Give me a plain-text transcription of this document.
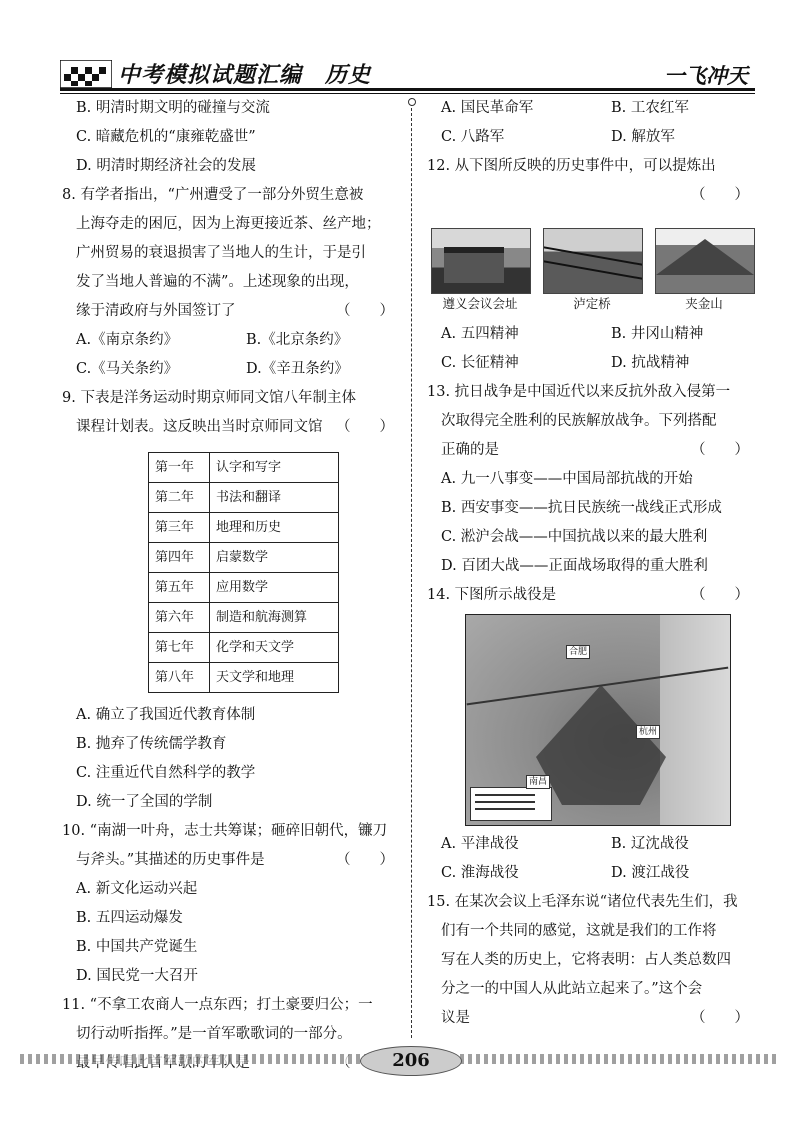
中考模拟试题汇编　历史	一飞冲天
B. 明清时期文明的碰撞与交流
C. 暗藏危机的“康雍乾盛世”
D. 明清时期经济社会的发展
8. 有学者指出，“广州遭受了一部分外贸生意被
上海夺走的困厄，因为上海更接近茶、丝产地；
广州贸易的衰退损害了当地人的生计，于是引
发了当地人普遍的不满”。上述现象的出现，
缘于清政府与外国签订了	（　　）
A.《南京条约》	B.《北京条约》
C.《马关条约》	D.《辛丑条约》
9. 下表是洋务运动时期京师同文馆八年制主体
课程计划表。这反映出当时京师同文馆 （　　）
第一年	认字和写字
第二年	书法和翻译
第三年	地理和历史
第四年	启蒙数学
第五年	应用数学
第六年	制造和航海测算
第七年	化学和天文学
第八年	天文学和地理
A. 确立了我国近代教育体制
B. 抛弃了传统儒学教育
C. 注重近代自然科学的教学
D. 统一了全国的学制
10. “南湖一叶舟，志士共筹谋；砸碎旧朝代，镰刀
与斧头。”其描述的历史事件是	（　　）
A. 新文化运动兴起
B. 五四运动爆发
B. 中国共产党诞生
D. 国民党一大召开
11. “不拿工农商人一点东西；打土豪要归公；一
切行动听指挥。”是一首军歌歌词的一部分。
A. 国民革命军	B. 工农红军
C. 八路军	D. 解放军
12. 从下图所反映的历史事件中，可以提炼出
（　　）
遵义会议会址	泸定桥	夹金山
A. 五四精神	B. 井冈山精神
C. 长征精神	D. 抗战精神
13. 抗日战争是中国近代以来反抗外敌入侵第一
次取得完全胜利的民族解放战争。下列搭配
正确的是	（　　）
A. 九一八事变——中国局部抗战的开始
B. 西安事变——抗日民族统一战线正式形成
C. 淞沪会战——中国抗战以来的最大胜利
D. 百团大战——正面战场取得的重大胜利
14. 下图所示战役是	（　　）
杭州
南昌
合肥
A. 平津战役	B. 辽沈战役
C. 淮海战役	D. 渡江战役
15. 在某次会议上毛泽东说“诸位代表先生们，我
们有一个共同的感觉，这就是我们的工作将
写在人类的历史上，它将表明：占人类总数四
分之一的中国人从此站立起来了。”这个会
议是	（　　）
206
